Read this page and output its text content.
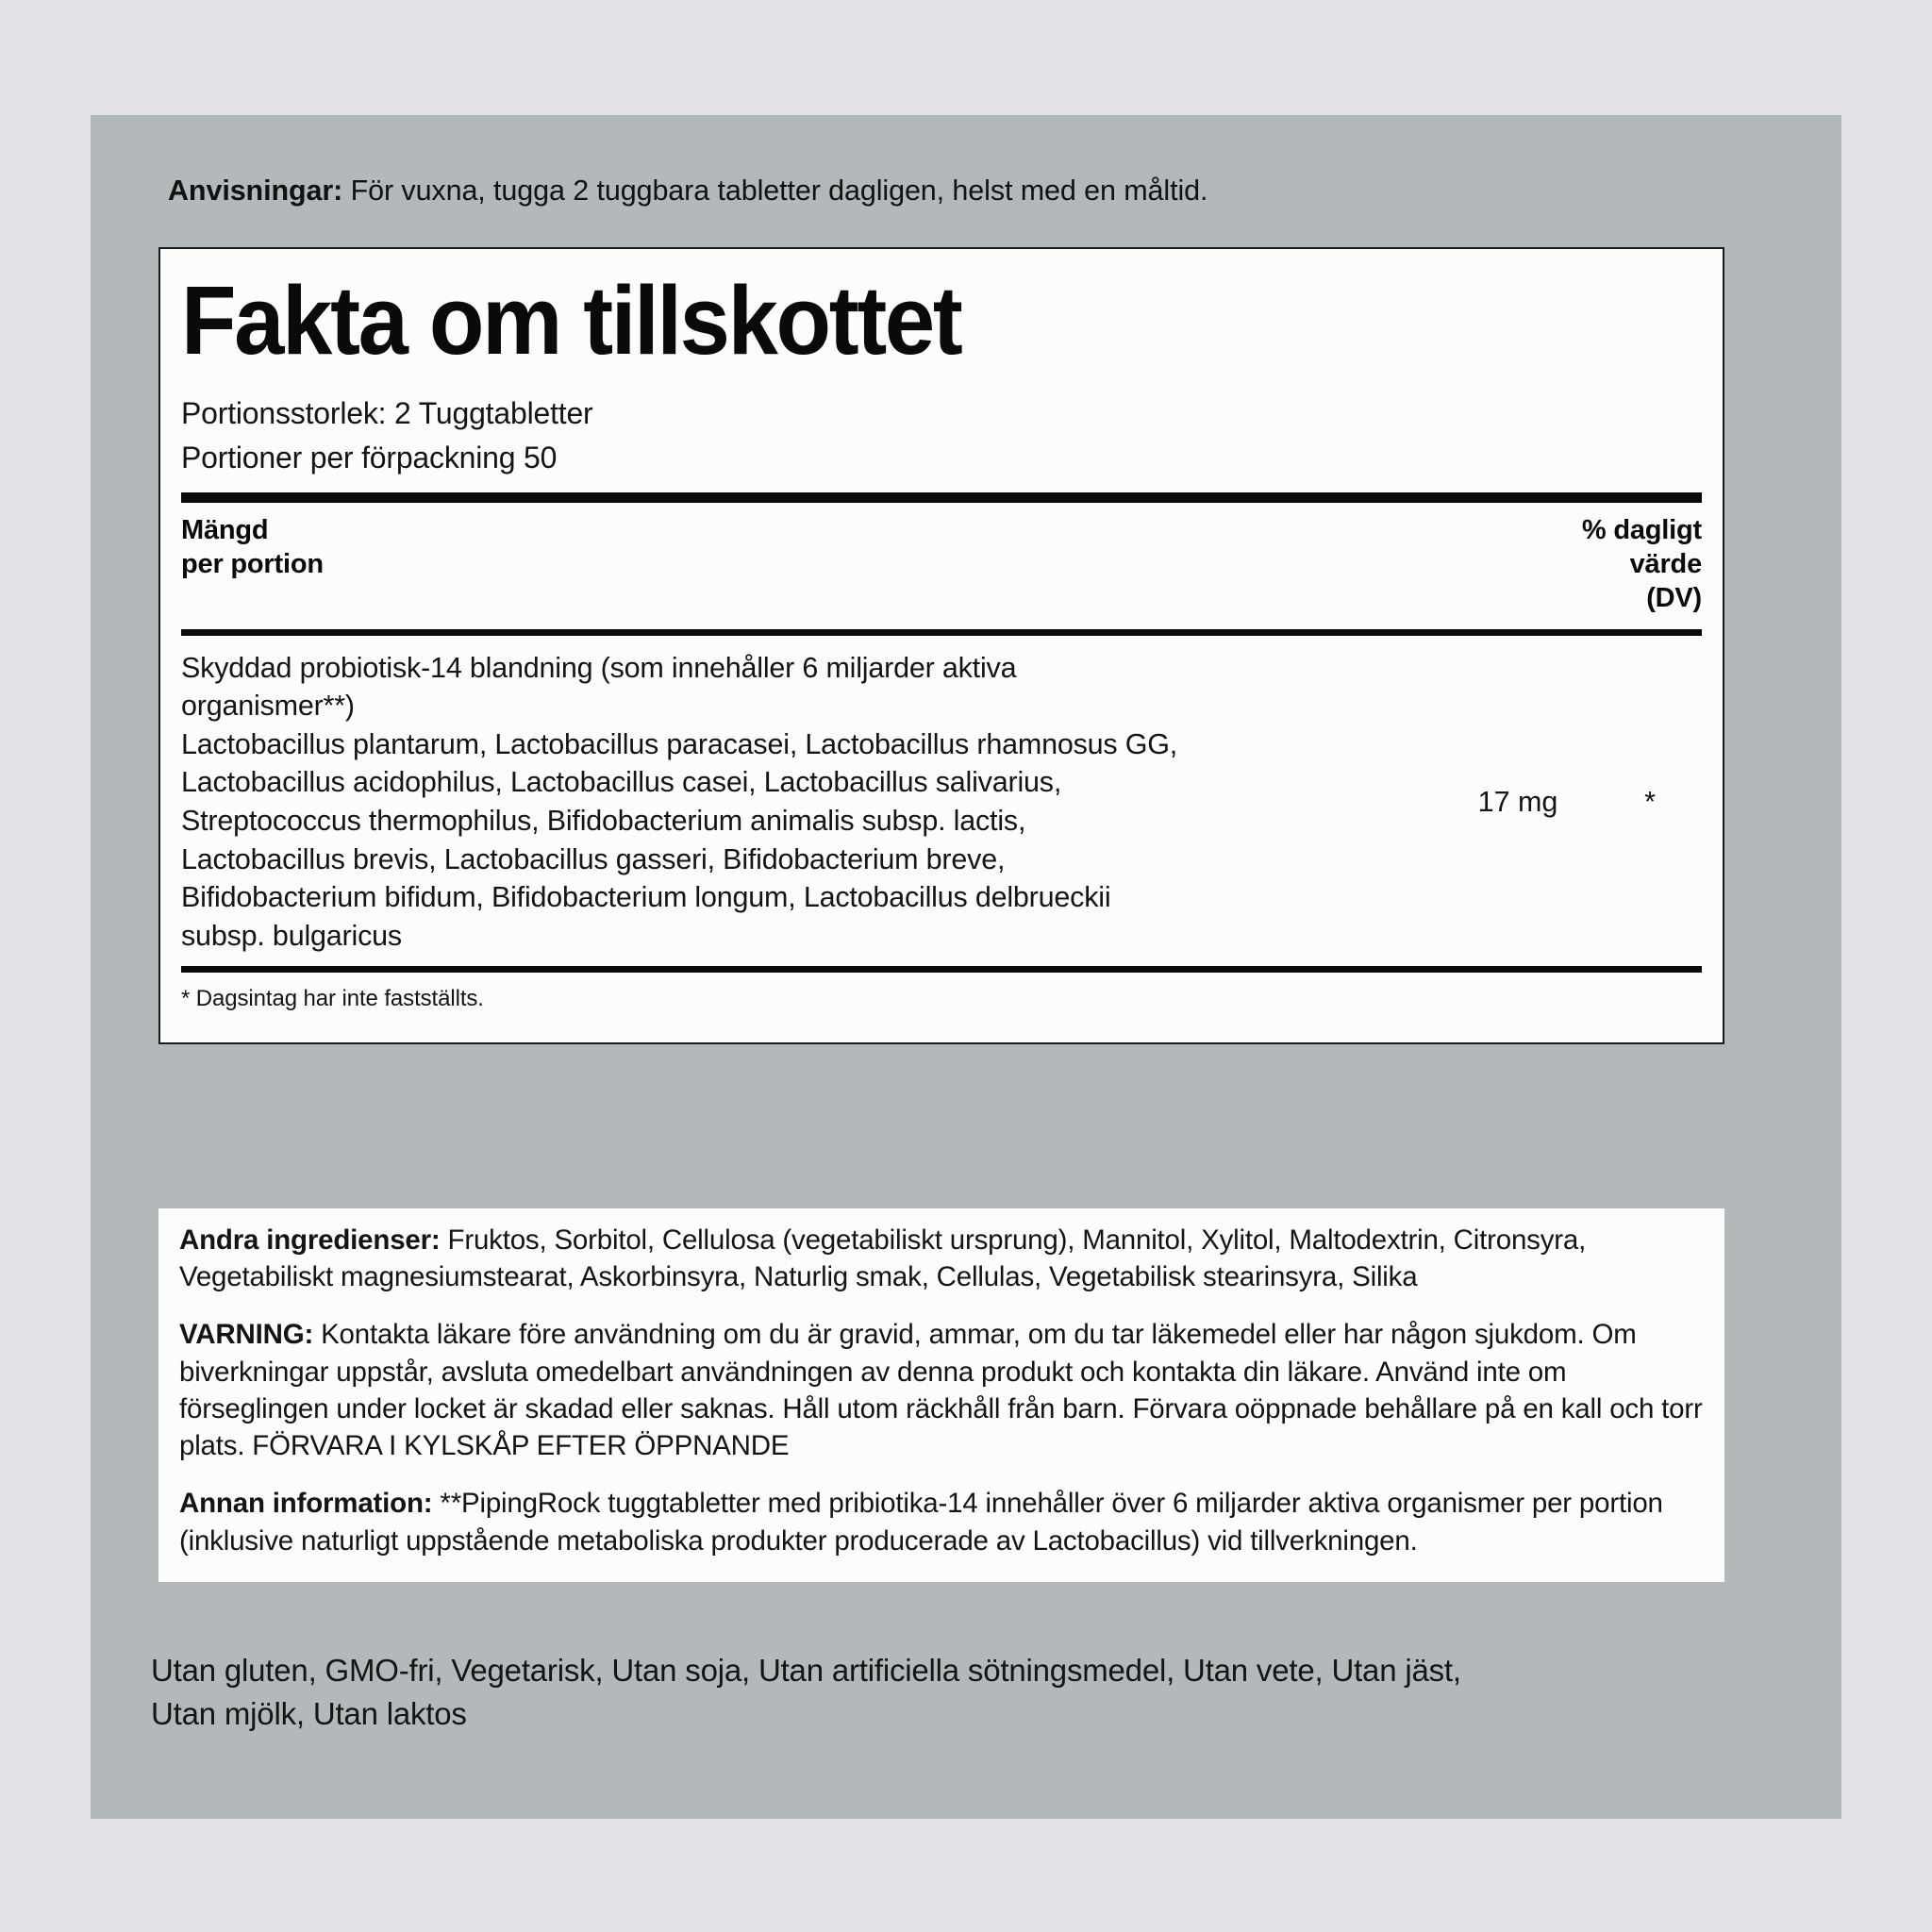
Anvisningar: För vuxna, tugga 2 tuggbara tabletter dagligen, helst med en måltid.
Fakta om tillskottet
Portionsstorlek: 2 Tuggtabletter
Portioner per förpackning 50
Mängd
per portion
% dagligt
värde
(DV)
Skyddad probiotisk-14 blandning (som innehåller 6 miljarder aktiva
organismer**)
Lactobacillus plantarum, Lactobacillus paracasei, Lactobacillus rhamnosus GG,
Lactobacillus acidophilus, Lactobacillus casei, Lactobacillus salivarius,
Streptococcus thermophilus, Bifidobacterium animalis subsp. lactis,
Lactobacillus brevis, Lactobacillus gasseri, Bifidobacterium breve,
Bifidobacterium bifidum, Bifidobacterium longum, Lactobacillus delbrueckii
subsp. bulgaricus
17 mg	*
* Dagsintag har inte fastställts.
Andra ingredienser: Fruktos, Sorbitol, Cellulosa (vegetabiliskt ursprung), Mannitol, Xylitol, Maltodextrin, Citronsyra, Vegetabiliskt magnesiumstearat, Askorbinsyra, Naturlig smak, Cellulas, Vegetabilisk stearinsyra, Silika
VARNING: Kontakta läkare före användning om du är gravid, ammar, om du tar läkemedel eller har någon sjukdom. Om biverkningar uppstår, avsluta omedelbart användningen av denna produkt och kontakta din läkare. Använd inte om förseglingen under locket är skadad eller saknas. Håll utom räckhåll från barn. Förvara oöppnade behållare på en kall och torr plats. FÖRVARA I KYLSKÅP EFTER ÖPPNANDE
Annan information: **PipingRock tuggtabletter med pribiotika-14 innehåller över 6 miljarder aktiva organismer per portion (inklusive naturligt uppstående metaboliska produkter producerade av Lactobacillus) vid tillverkningen.
Utan gluten, GMO-fri, Vegetarisk, Utan soja, Utan artificiella sötningsmedel, Utan vete, Utan jäst,
Utan mjölk, Utan laktos
